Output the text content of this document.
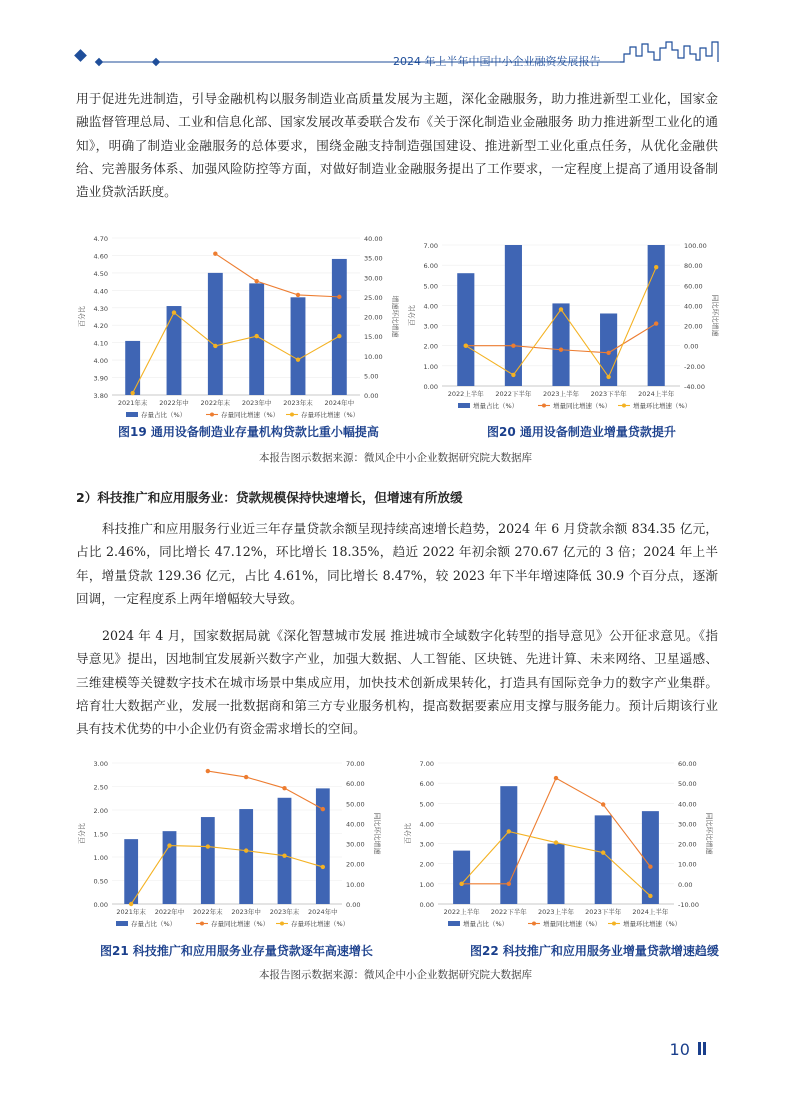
2024 年上半年中国中小企业融资发展报告

用于促进先进制造，引导金融机构以服务制造业高质量发展为主题，深化金融服务，助力推进新型工业化，国家金融监督管理总局、工业和信息化部、国家发展改革委联合发布《关于深化制造业金融服务 助力推进新型工业化的通知》，明确了制造业金融服务的总体要求，围绕金融支持制造强国建设、推进新型工业化重点任务，从优化金融供给、完善服务体系、加强风险防控等方面，对做好制造业金融服务提出了工作要求，一定程度上提高了通用设备制造业贷款活跃度。

3.80
3.90
4.00
4.10
4.20
4.30
4.40
4.50
4.60
4.70
0.00
5.00
10.00
15.00
20.00
25.00
30.00
35.00
40.00
百分比	增速环比增速
2021年末 2022年中 2022年末 2023年中 2023年末 2024年中
存量占比（%）	存量同比增速（%）	存量环比增速（%）
图19 通用设备制造业存量机构贷款比重小幅提高
0.00
1.00
2.00
3.00
4.00
5.00
6.00
7.00
-40.00
-20.00
0.00
20.00
40.00
60.00
80.00
100.00
百分比	同比环比增速
2022上半年 2022下半年 2023上半年 2023下半年 2024上半年
增量占比（%）	增量同比增速（%）	增量环比增速（%）
图20 通用设备制造业增量贷款提升
本报告图示数据来源：微风企中小企业数据研究院大数据库
2）科技推广和应用服务业：贷款规模保持快速增长，但增速有所放缓

科技推广和应用服务行业近三年存量贷款余额呈现持续高速增长趋势，2024 年 6 月贷款余额 834.35 亿元，占比 2.46%，同比增长 47.12%，环比增长 18.35%，趋近 2022 年初余额 270.67 亿元的 3 倍；2024 年上半年，增量贷款 129.36 亿元，占比 4.61%，同比增长 8.47%，较 2023 年下半年增速降低 30.9 个百分点，逐渐回调，一定程度系上两年增幅较大导致。

2024 年 4 月，国家数据局就《深化智慧城市发展 推进城市全域数字化转型的指导意见》公开征求意见。《指导意见》提出，因地制宜发展新兴数字产业，加强大数据、人工智能、区块链、先进计算、未来网络、卫星遥感、三维建模等关键数字技术在城市场景中集成应用，加快技术创新成果转化，打造具有国际竞争力的数字产业集群。培育壮大数据产业，发展一批数据商和第三方专业服务机构，提高数据要素应用支撑与服务能力。预计后期该行业具有技术优势的中小企业仍有资金需求增长的空间。

0.00
0.50
1.00
1.50
2.00
2.50
3.00
0.00
10.00
20.00
30.00
40.00
50.00
60.00
70.00
百分比	同比环比增速
2021年末 2022年中 2022年末 2023年中 2023年末 2024年中
存量占比（%）	存量同比增速（%）	存量环比增速（%）
图21 科技推广和应用服务业存量贷款逐年高速增长
0.00
1.00
2.00
3.00
4.00
5.00
6.00
7.00
-10.00
0.00
10.00
20.00
30.00
40.00
50.00
60.00
百分比	同比环比增速
2022上半年 2022下半年 2023上半年 2023下半年 2024上半年
增量占比（%）	增量同比增速（%）	增量环比增速（%）
图22 科技推广和应用服务业增量贷款增速趋缓
本报告图示数据来源：微风企中小企业数据研究院大数据库
10
